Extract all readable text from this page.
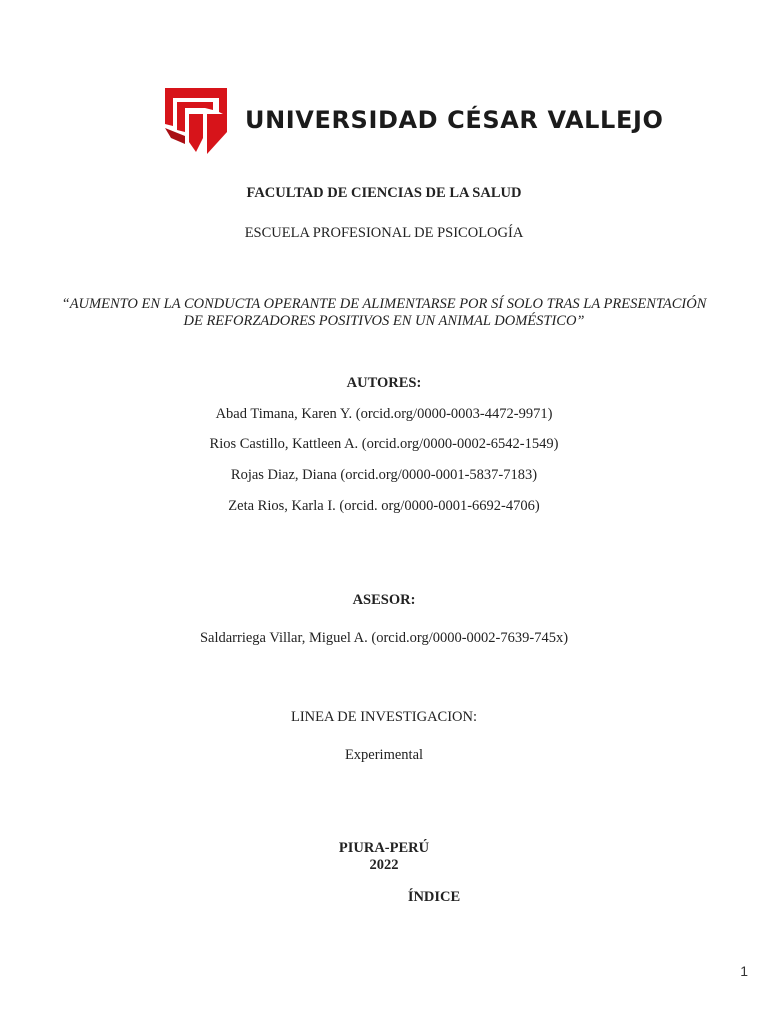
UNIVERSIDAD CÉSAR VALLEJO
FACULTAD DE CIENCIAS DE LA SALUD
ESCUELA PROFESIONAL DE PSICOLOGÍA
“AUMENTO EN LA CONDUCTA OPERANTE DE ALIMENTARSE POR SÍ SOLO TRAS LA PRESENTACIÓN
DE REFORZADORES POSITIVOS EN UN ANIMAL DOMÉSTICO”
AUTORES:
Abad Timana, Karen Y. (orcid.org/0000-0003-4472-9971)
Rios Castillo, Kattleen A. (orcid.org/0000-0002-6542-1549)
Rojas Diaz, Diana (orcid.org/0000-0001-5837-7183)
Zeta Rios, Karla I. (orcid. org/0000-0001-6692-4706)
ASESOR:
Saldarriega Villar, Miguel A. (orcid.org/0000-0002-7639-745x)
LINEA DE INVESTIGACION:
Experimental
PIURA-PERÚ
2022
ÍNDICE
1
